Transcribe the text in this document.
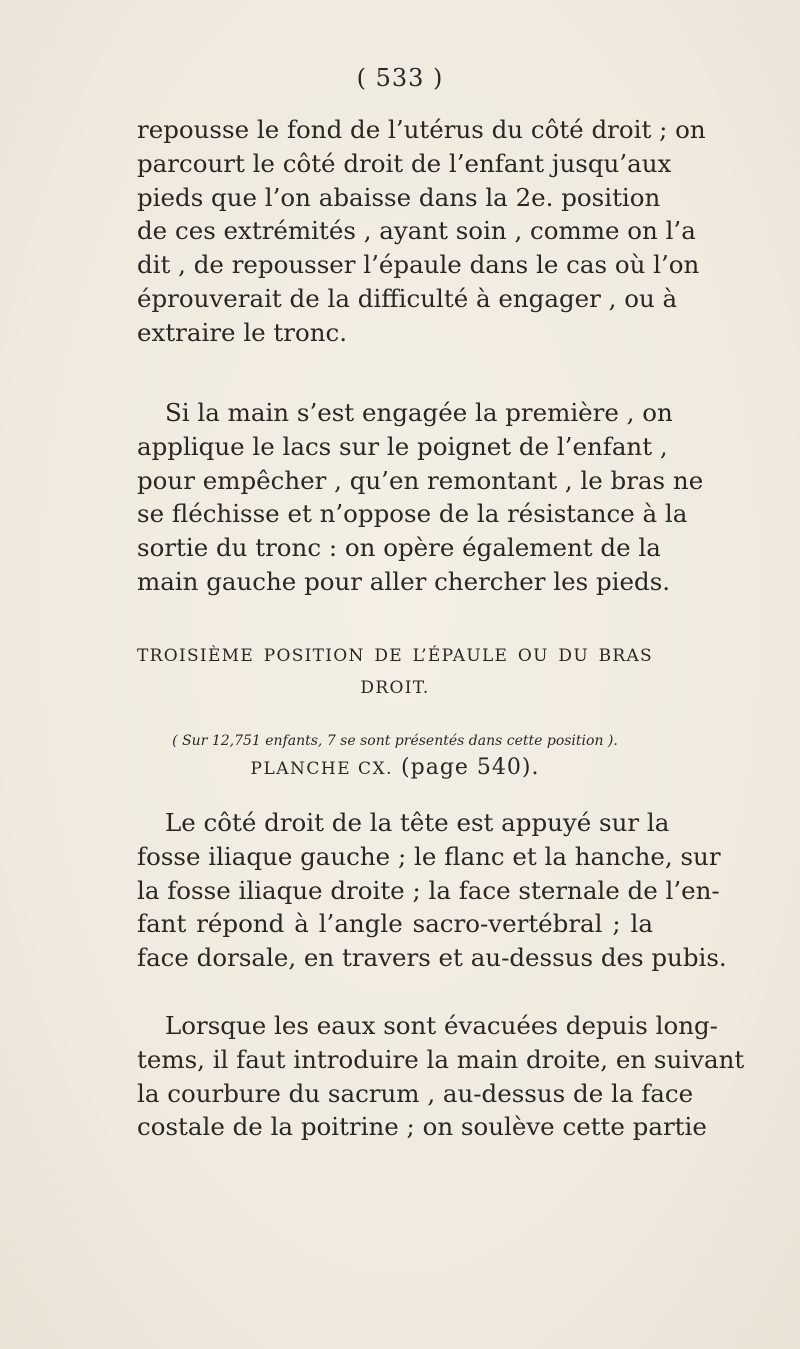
( 533 )
repousse le fond de l’utérus du côté droit ; on
parcourt le côté droit de l’enfant jusqu’aux
pieds que l’on abaisse dans la 2e. position
de ces extrémités , ayant soin , comme on l’a
dit , de repousser l’épaule dans le cas où l’on
éprouverait de la difficulté à engager , ou à
extraire le tronc.
Si la main s’est engagée la première , on
applique le lacs sur le poignet de l’enfant ,
pour empêcher , qu’en remontant , le bras ne
se fléchisse et n’oppose de la résistance à la
sortie du tronc : on opère également de la
main gauche pour aller chercher les pieds.
TROISIÈME POSITION DE L’ÉPAULE OU DU BRAS
DROIT.
( Sur 12,751 enfants, 7 se sont présentés dans cette position ).
PLANCHE CX. (page 540).
Le côté droit de la tête est appuyé sur la
fosse iliaque gauche ; le flanc et la hanche, sur
la fosse iliaque droite ; la face sternale de l’en-
fant répond à l’angle sacro-vertébral ; la
face dorsale, en travers et au-dessus des pubis.
Lorsque les eaux sont évacuées depuis long-
tems, il faut introduire la main droite, en suivant
la courbure du sacrum , au-dessus de la face
costale de la poitrine ; on soulève cette partie
